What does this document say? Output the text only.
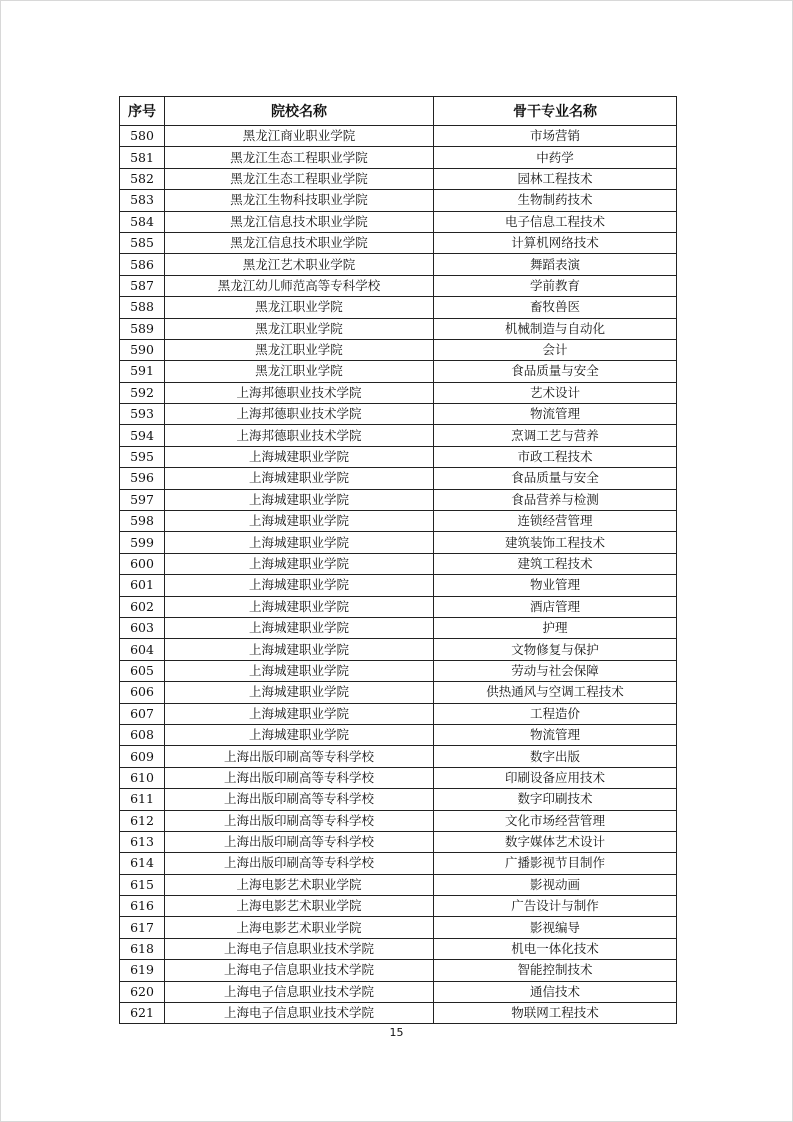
序号	院校名称	骨干专业名称
580	黑龙江商业职业学院	市场营销
581	黑龙江生态工程职业学院	中药学
582	黑龙江生态工程职业学院	园林工程技术
583	黑龙江生物科技职业学院	生物制药技术
584	黑龙江信息技术职业学院	电子信息工程技术
585	黑龙江信息技术职业学院	计算机网络技术
586	黑龙江艺术职业学院	舞蹈表演
587	黑龙江幼儿师范高等专科学校	学前教育
588	黑龙江职业学院	畜牧兽医
589	黑龙江职业学院	机械制造与自动化
590	黑龙江职业学院	会计
591	黑龙江职业学院	食品质量与安全
592	上海邦德职业技术学院	艺术设计
593	上海邦德职业技术学院	物流管理
594	上海邦德职业技术学院	烹调工艺与营养
595	上海城建职业学院	市政工程技术
596	上海城建职业学院	食品质量与安全
597	上海城建职业学院	食品营养与检测
598	上海城建职业学院	连锁经营管理
599	上海城建职业学院	建筑装饰工程技术
600	上海城建职业学院	建筑工程技术
601	上海城建职业学院	物业管理
602	上海城建职业学院	酒店管理
603	上海城建职业学院	护理
604	上海城建职业学院	文物修复与保护
605	上海城建职业学院	劳动与社会保障
606	上海城建职业学院	供热通风与空调工程技术
607	上海城建职业学院	工程造价
608	上海城建职业学院	物流管理
609	上海出版印刷高等专科学校	数字出版
610	上海出版印刷高等专科学校	印刷设备应用技术
611	上海出版印刷高等专科学校	数字印刷技术
612	上海出版印刷高等专科学校	文化市场经营管理
613	上海出版印刷高等专科学校	数字媒体艺术设计
614	上海出版印刷高等专科学校	广播影视节目制作
615	上海电影艺术职业学院	影视动画
616	上海电影艺术职业学院	广告设计与制作
617	上海电影艺术职业学院	影视编导
618	上海电子信息职业技术学院	机电一体化技术
619	上海电子信息职业技术学院	智能控制技术
620	上海电子信息职业技术学院	通信技术
621	上海电子信息职业技术学院	物联网工程技术
15
